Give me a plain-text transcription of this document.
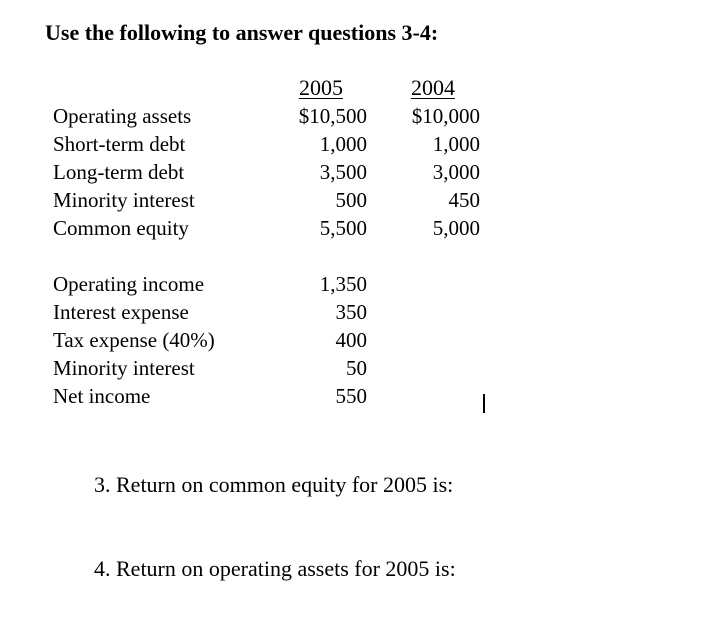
Use the following to answer questions 3-4:
2005	2004
Operating assets	$10,500 $10,000
Short-term debt	1,000	1,000
Long-term debt	3,500	3,000
Minority interest	500	450
Common equity	5,500	5,000
Operating income	1,350
Interest expense	350
Tax expense (40%)	400
Minority interest	50
Net income	550
3. Return on common equity for 2005 is:
4. Return on operating assets for 2005 is:
